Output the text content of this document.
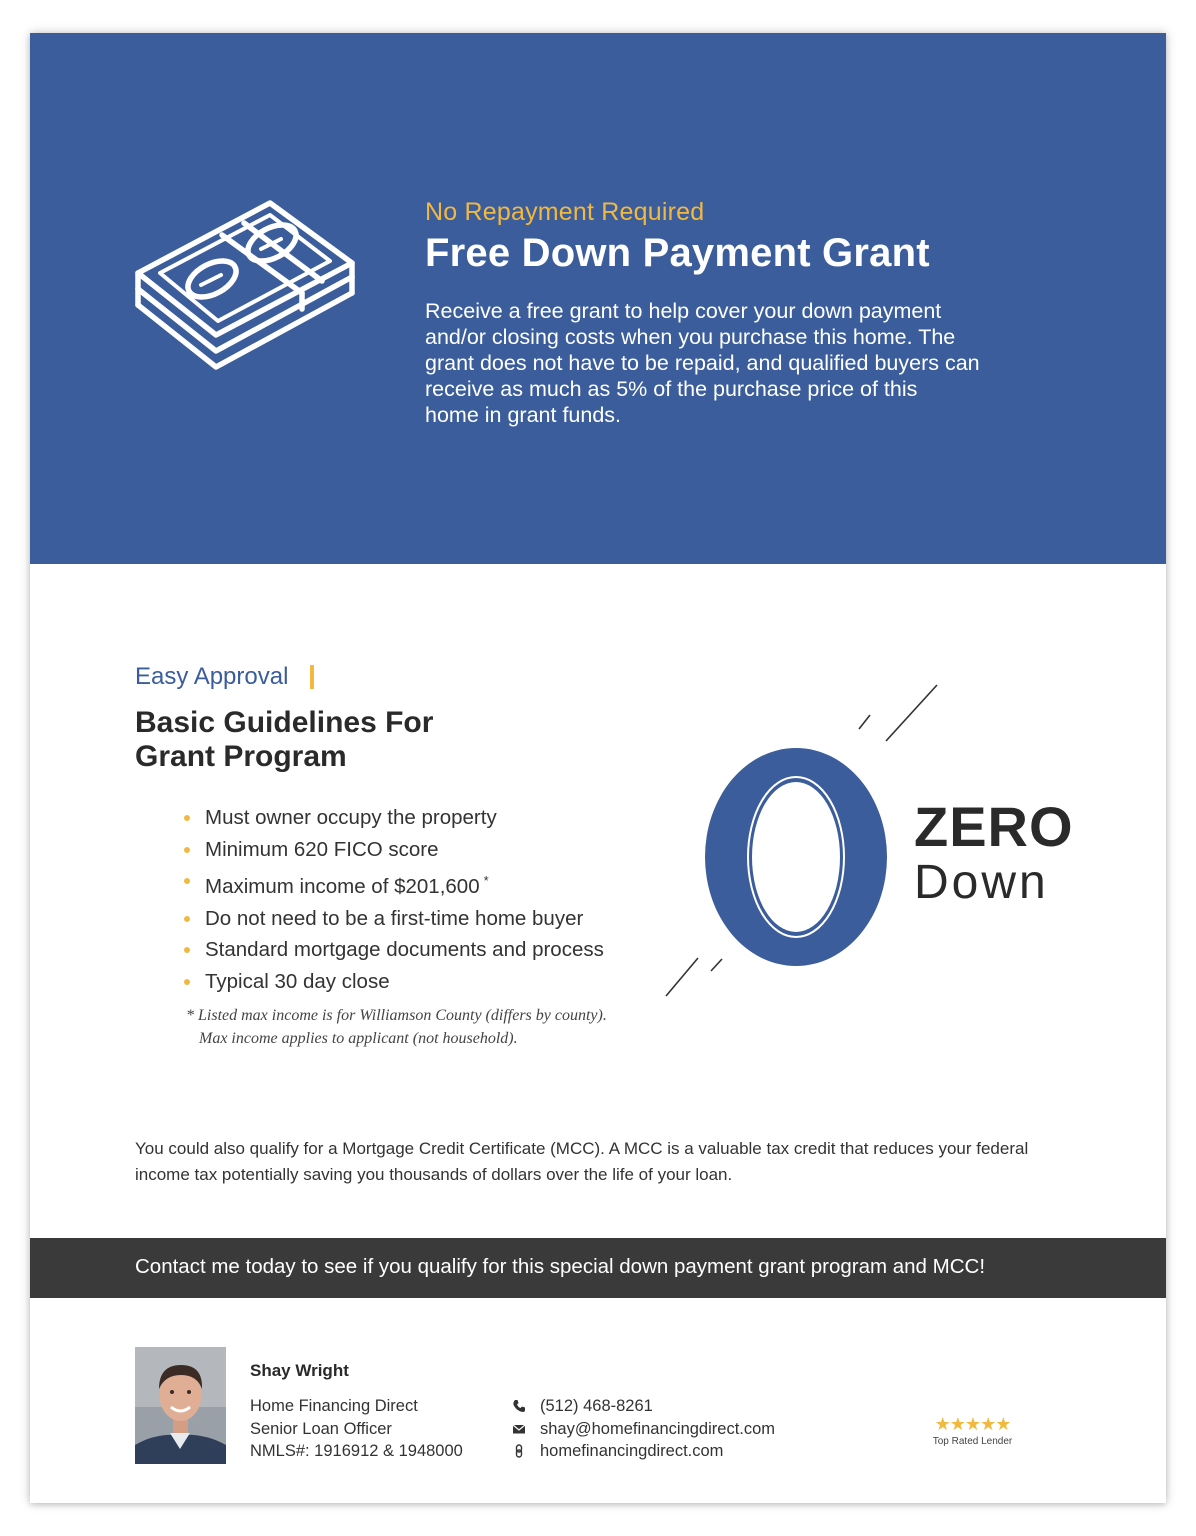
No Repayment Required
Free Down Payment Grant
Receive a free grant to help cover your down payment
and/or closing costs when you purchase this home. The
grant does not have to be repaid, and qualified buyers can
receive as much as 5% of the purchase price of this
home in grant funds.
Easy Approval
Basic Guidelines For
Grant Program
Must owner occupy the property
Minimum 620 FICO score
Maximum income of $201,600 *
Do not need to be a first-time home buyer
Standard mortgage documents and process
Typical 30 day close
* Listed max income is for Williamson County (differs by county).
Max income applies to applicant (not household).
ZERO
Down
You could also qualify for a Mortgage Credit Certificate (MCC). A MCC is a valuable tax credit that reduces your federal
income tax potentially saving you thousands of dollars over the life of your loan.
Contact me today to see if you qualify for this special down payment grant program and MCC!
Shay Wright
Home Financing Direct
Senior Loan Officer
NMLS#: 1916912 & 1948000
(512) 468-8261
shay@homefinancingdirect.com
homefinancingdirect.com
★★★★★
Top Rated Lender
